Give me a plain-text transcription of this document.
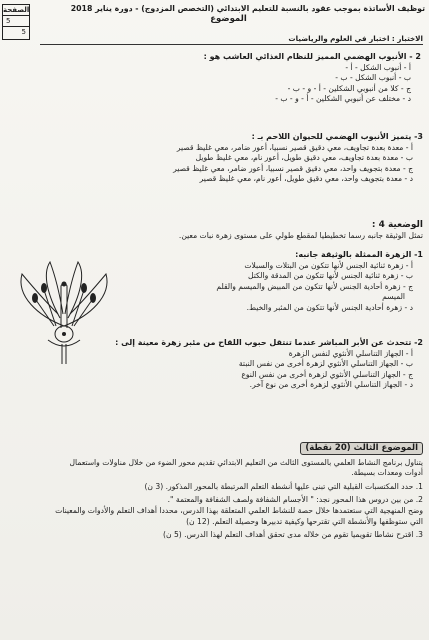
الصفحة
5
5
توظيف الأساتذة بموجب عقود بالنسبة للتعليم الابتدائي (التخصص المزدوج) - دورة يناير 2018
الموضوع
الاختبار : اختبار في العلوم والرياضيات
2 - الأنبوب الهضمي المميز للنظام الغذائي العاشب هو :
أ - أنبوب الشكل - أ -
ب - أنبوب الشكل - ب -
ج - كلا من أنبوبي الشكلين - أ - و - ب -
د - مختلف عن أنبوبي الشكلين - أ - و - ب -
3- يتميز الأنبوب الهضمي للحيوان اللاحم بـ :
أ - معدة بعدة تجاويف، معي دقيق قصير نسبيا، أعور ضامر، معي غليظ قصير
ب - معدة بعدة تجاويف، معي دقيق طويل، أعور نام، معي غليظ طويل
ج - معدة بتجويف واحد، معي دقيق قصير نسبيا، أعور ضامر، معي غليظ قصير
د - معدة بتجويف واحد، معي دقيق طويل، أعور نام، معي غليظ قصير
الوضعية 4 :
تمثل الوثيقة جانبه رسما تخطيطيا لمقطع طولي على مستوى زهرة نبات معين.
1- الزهرة الممثلة بالوثيقة جانبه:
أ - زهرة ثنائية الجنس لأنها تتكون من البتلات والسبلات
ب - زهرة ثنائية الجنس لأنها تتكون من المدقة والكتل
ج - زهرة أحادية الجنس لأنها تتكون من المبيض والميسم والقلم
الميسم
د - زهرة أحادية الجنس لأنها تتكون من المئبر والخيط.
2- تتحدث عن الأبر المباشر عندما تنتقل حبوب اللقاح من مئبر زهرة معينة إلى :
أ - الجهاز التناسلي الأنثوي لنفس الزهرة
ب - الجهاز التناسلي الأنثوي لزهرة أخرى من نفس النبتة
ج - الجهاز التناسلي الأنثوي لزهرة أخرى من نفس النوع
د - الجهاز التناسلي الأنثوي لزهرة أخرى من نوع آخر.
الموضوع الثالث (20 نقطة)
يتناول برنامج النشاط العلمي بالمستوى الثالث من التعليم الابتدائي تقديم محور الضوء من خلال مناولات واستعمال
أدوات ومعدات بسيطة.
1. حدد المكتسبات القبلية التي تبنى عليها أنشطة التعلم المرتبطة بالمحور المذكور. (3 ن)
2. من بين دروس هذا المحور نجد: " الأجسام الشفافة ولصف الشفافة والمعتمة ".
وضح المنهجية التي ستعتمدها خلال حصة للنشاط العلمي المتعلقة بهذا الدرس، محددا أهداف التعلم والأدوات والمعينات
التي ستوظفها والأنشطة التي تقترحها وكيفية تدبيرها وحصيلة التعلم. (12 ن)
3. اقترح نشاطا تقويميا تقوم من خلاله مدى تحقق أهداف التعلم لهذا الدرس. (5 ن)
